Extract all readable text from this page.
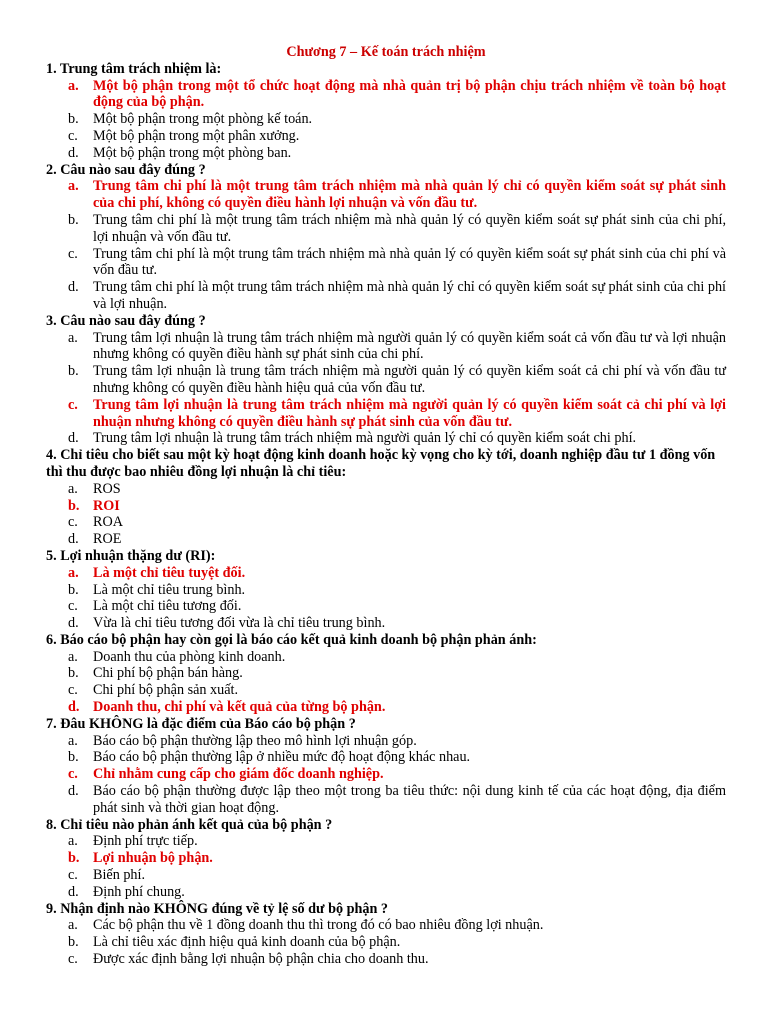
Chương 7 – Kế toán trách nhiệm
1. Trung tâm trách nhiệm là:
a.	Một bộ phận trong một tổ chức hoạt động mà nhà quản trị bộ phận chịu trách nhiệm về toàn bộ hoạt động của bộ phận.
b.	Một bộ phận trong một phòng kế toán.
c.	Một bộ phận trong một phân xưởng.
d.	Một bộ phận trong một phòng ban.
2. Câu nào sau đây đúng ?
a.	Trung tâm chi phí là một trung tâm trách nhiệm mà nhà quản lý chỉ có quyền kiểm soát sự phát sinh của chi phí, không có quyền điều hành lợi nhuận và vốn đầu tư.
b.	Trung tâm chi phí là một trung tâm trách nhiệm mà nhà quản lý có quyền kiểm soát sự phát sinh của chi phí, lợi nhuận và vốn đầu tư.
c.	Trung tâm chi phí là một trung tâm trách nhiệm mà nhà quản lý có quyền kiểm soát sự phát sinh của chi phí và vốn đầu tư.
d.	Trung tâm chi phí là một trung tâm trách nhiệm mà nhà quản lý chỉ có quyền kiểm soát sự phát sinh của chi phí và lợi nhuận.
3. Câu nào sau đây đúng ?
a.	Trung tâm lợi nhuận là trung tâm trách nhiệm mà người quản lý có quyền kiểm soát cả vốn đầu tư và lợi nhuận nhưng không có quyền điều hành sự phát sinh của chi phí.
b.	Trung tâm lợi nhuận là trung tâm trách nhiệm mà người quản lý có quyền kiểm soát cả chi phí và vốn đầu tư nhưng không có quyền điều hành hiệu quả của vốn đầu tư.
c.	Trung tâm lợi nhuận là trung tâm trách nhiệm mà người quản lý có quyền kiểm soát cả chi phí và lợi nhuận nhưng không có quyền điều hành sự phát sinh của vốn đầu tư.
d.	Trung tâm lợi nhuận là trung tâm trách nhiệm mà người quản lý chỉ có quyền kiểm soát chi phí.
4. Chỉ tiêu cho biết sau một kỳ hoạt động kinh doanh hoặc kỳ vọng cho kỳ tới, doanh nghiệp đầu tư 1 đồng vốn thì thu được bao nhiêu đồng lợi nhuận là chỉ tiêu:
a.	ROS
b. ROI
c.	ROA
d.	ROE
5. Lợi nhuận thặng dư (RI):
a.	Là một chỉ tiêu tuyệt đối.
b.	Là một chỉ tiêu trung bình.
c.	Là một chỉ tiêu tương đối.
d.	Vừa là chỉ tiêu tương đối vừa là chỉ tiêu trung bình.
6. Báo cáo bộ phận hay còn gọi là báo cáo kết quả kinh doanh bộ phận phản ánh:
a.	Doanh thu của phòng kinh doanh.
b.	Chi phí bộ phận bán hàng.
c.	Chi phí bộ phận sản xuất.
d. Doanh thu, chi phí và kết quả của từng bộ phận.
7. Đâu KHÔNG là đặc điểm của Báo cáo bộ phận ?
a.	Báo cáo bộ phận thường lập theo mô hình lợi nhuận góp.
b.	Báo cáo bộ phận thường lập ở nhiều mức độ hoạt động khác nhau.
c.	Chỉ nhằm cung cấp cho giám đốc doanh nghiệp.
d.	Báo cáo bộ phận thường được lập theo một trong ba tiêu thức: nội dung kinh tế của các hoạt động, địa điểm phát sinh và thời gian hoạt động.
8. Chỉ tiêu nào phản ánh kết quả của bộ phận ?
a.	Định phí trực tiếp.
b. Lợi nhuận bộ phận.
c.	Biến phí.
d.	Định phí chung.
9. Nhận định nào KHÔNG đúng về tỷ lệ số dư bộ phận ?
a.	Các bộ phận thu về 1 đồng doanh thu thì trong đó có bao nhiêu đồng lợi nhuận.
b.	Là chỉ tiêu xác định hiệu quả kinh doanh của bộ phận.
c.	Được xác định bằng lợi nhuận bộ phận chia cho doanh thu.
